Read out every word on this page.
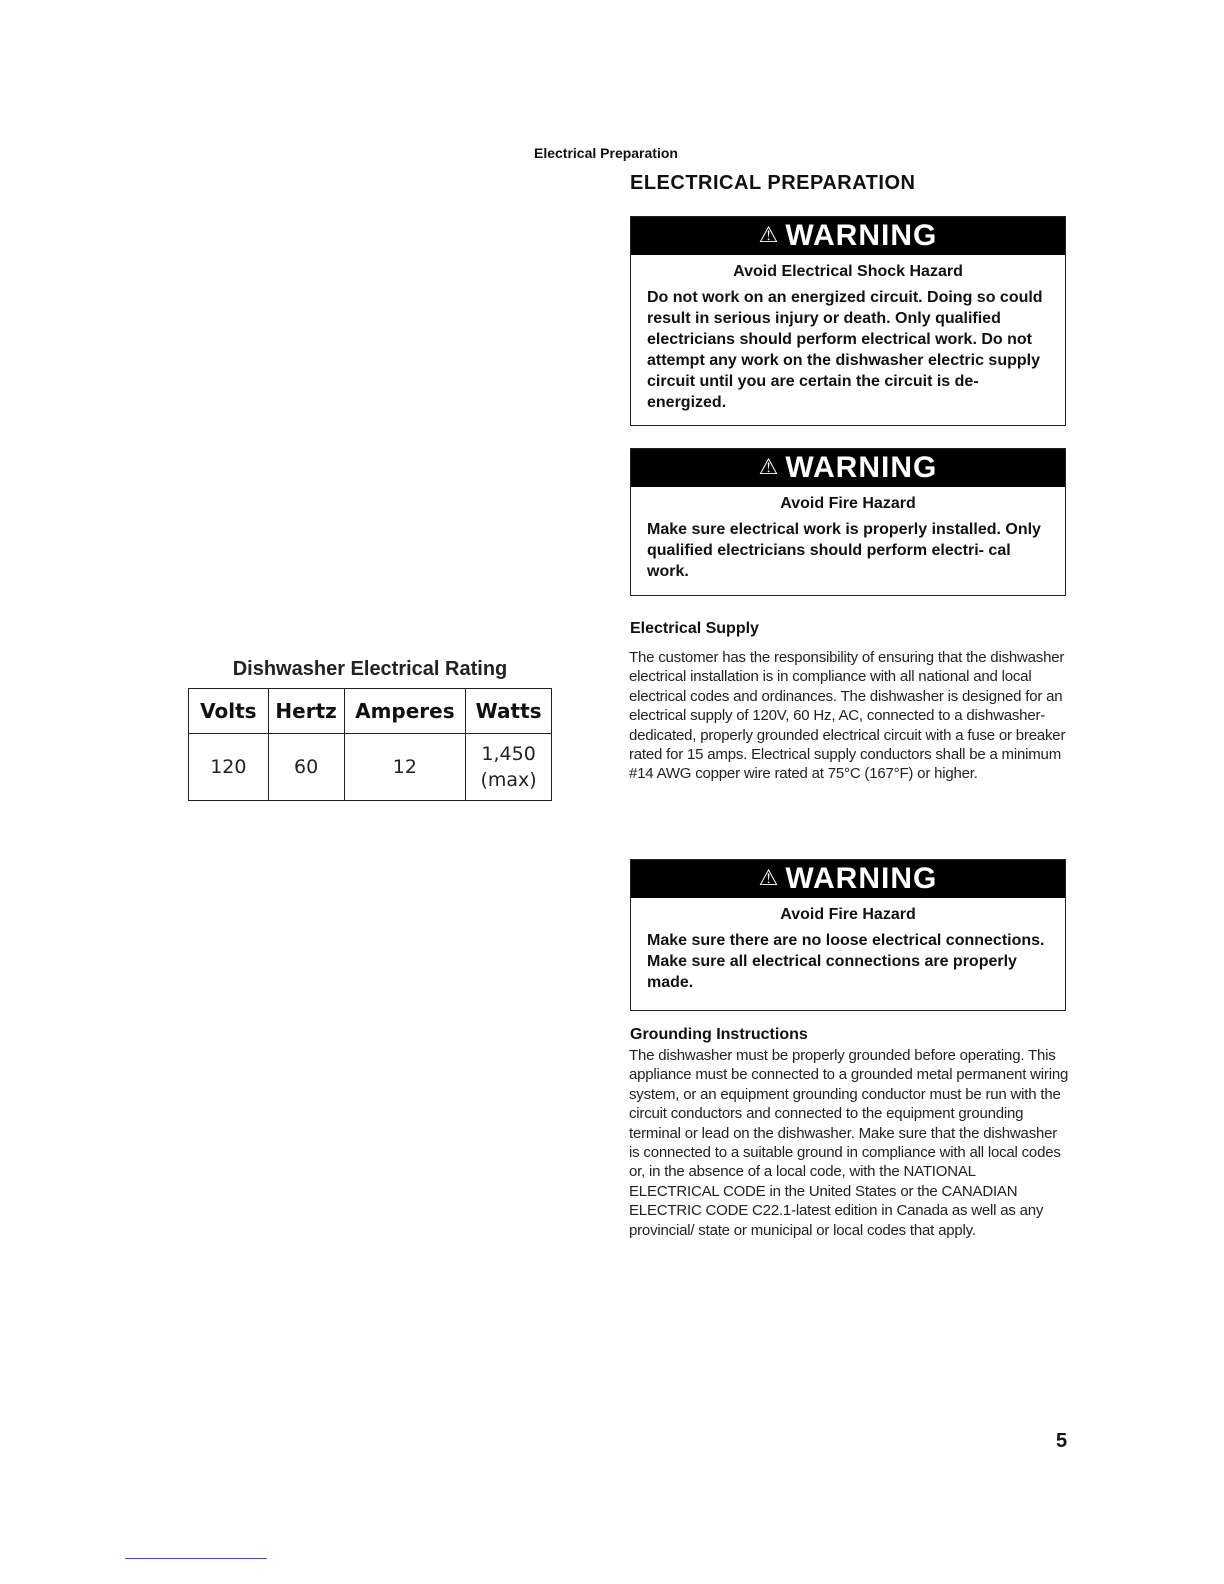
Electrical Preparation
ELECTRICAL PREPARATION
⚠ WARNING
Avoid Electrical Shock Hazard
Do not work on an energized circuit. Doing so could result in serious injury or death. Only qualified electricians should perform electrical work. Do not attempt any work on the dishwasher electric supply circuit until you are certain the circuit is de-energized.
⚠ WARNING
Avoid Fire Hazard
Make sure electrical work is properly installed. Only qualified electricians should perform electri- cal work.
Electrical Supply
The customer has the responsibility of ensuring that the dishwasher electrical installation is in compliance with all national and local electrical codes and ordinances. The dishwasher is designed for an electrical supply of 120V, 60 Hz, AC, connected to a dishwasher-dedicated, properly grounded electrical circuit with a fuse or breaker rated for 15 amps. Electrical supply conductors shall be a minimum #14 AWG copper wire rated at 75°C (167°F) or higher.
Dishwasher Electrical Rating
Volts	Hertz	Amperes	Watts
120	60	12	1,450 (max)
⚠ WARNING
Avoid Fire Hazard
Make sure there are no loose electrical connections. Make sure all electrical connections are properly made.
Grounding Instructions
The dishwasher must be properly grounded before operating. This appliance must be connected to a grounded metal permanent wiring system, or an equipment grounding conductor must be run with the circuit conductors and connected to the equipment grounding terminal or lead on the dishwasher. Make sure that the dishwasher is connected to a suitable ground in compliance with all local codes or, in the absence of a local code, with the NATIONAL ELECTRICAL CODE in the United States or the CANADIAN ELECTRIC CODE C22.1-latest edition in Canada as well as any provincial/ state or municipal or local codes that apply.
5
